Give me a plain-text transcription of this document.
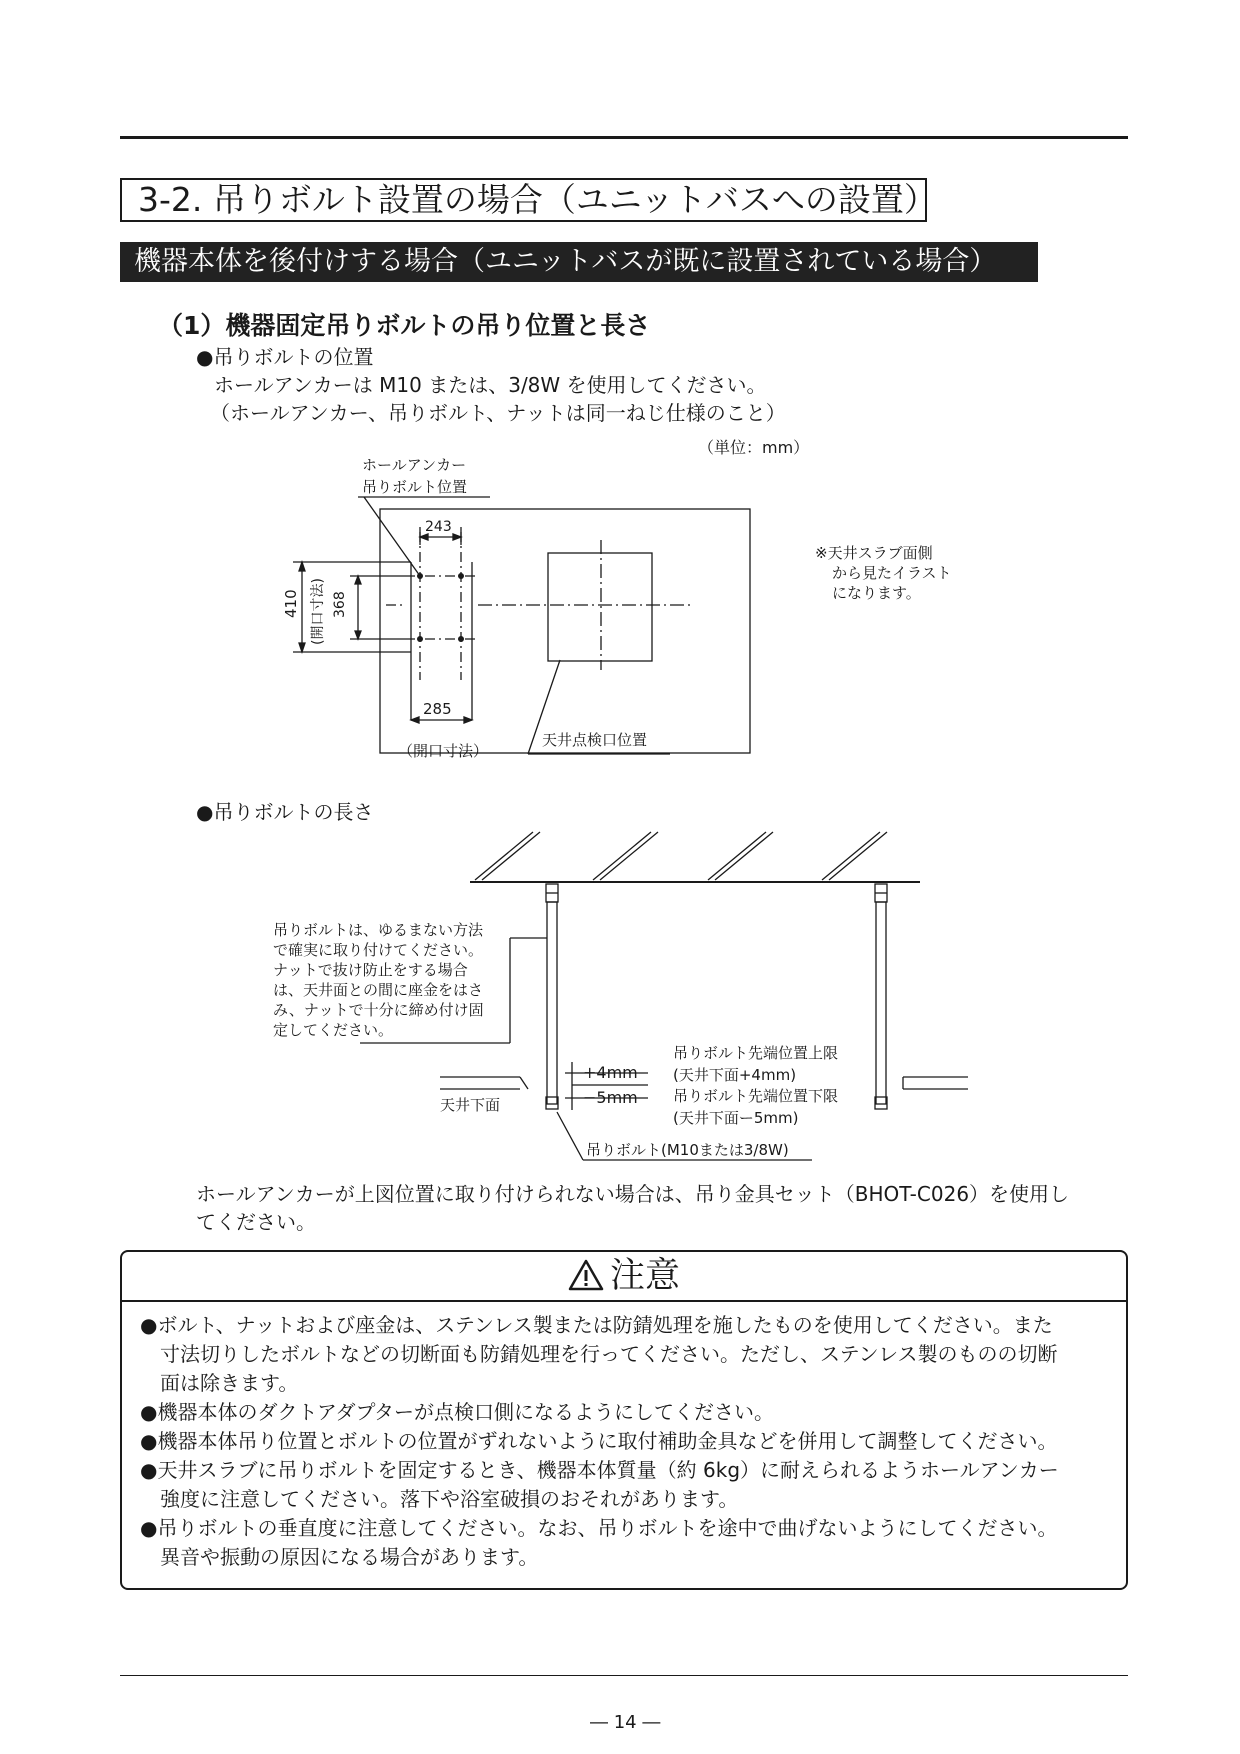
3-2. 吊りボルト設置の場合（ユニットバスへの設置）
機器本体を後付けする場合（ユニットバスが既に設置されている場合）
（1）機器固定吊りボルトの吊り位置と長さ
●吊りボルトの位置
ホールアンカーは M10 または、3/8W を使用してください。
（ホールアンカー、吊りボルト、ナットは同一ねじ仕様のこと）
（単位：mm）
ホールアンカー
吊りボルト位置
243
410 (開口寸法) 368
285
（開口寸法）
天井点検口位置
※天井スラブ面側
から見たイラスト
になります。
●吊りボルトの長さ
吊りボルトは、ゆるまない方法
で確実に取り付けてください。
ナットで抜け防止をする場合
は、天井面との間に座金をはさ
み、ナットで十分に締め付け固
定してください。
+4mm
−5mm
吊りボルト先端位置上限
(天井下面+4mm)
吊りボルト先端位置下限
(天井下面ー5mm)
天井下面
吊りボルト(M10または3/8W)
ホールアンカーが上図位置に取り付けられない場合は、吊り金具セット（BHOT-C026）を使用し
てください。
注意
●ボルト、ナットおよび座金は、ステンレス製または防錆処理を施したものを使用してください。また
寸法切りしたボルトなどの切断面も防錆処理を行ってください。ただし、ステンレス製のものの切断
面は除きます。
●機器本体のダクトアダプターが点検口側になるようにしてください。
●機器本体吊り位置とボルトの位置がずれないように取付補助金具などを併用して調整してください。
●天井スラブに吊りボルトを固定するとき、機器本体質量（約 6kg）に耐えられるようホールアンカー
強度に注意してください。落下や浴室破損のおそれがあります。
●吊りボルトの垂直度に注意してください。なお、吊りボルトを途中で曲げないようにしてください。
異音や振動の原因になる場合があります。
― 14 ―
